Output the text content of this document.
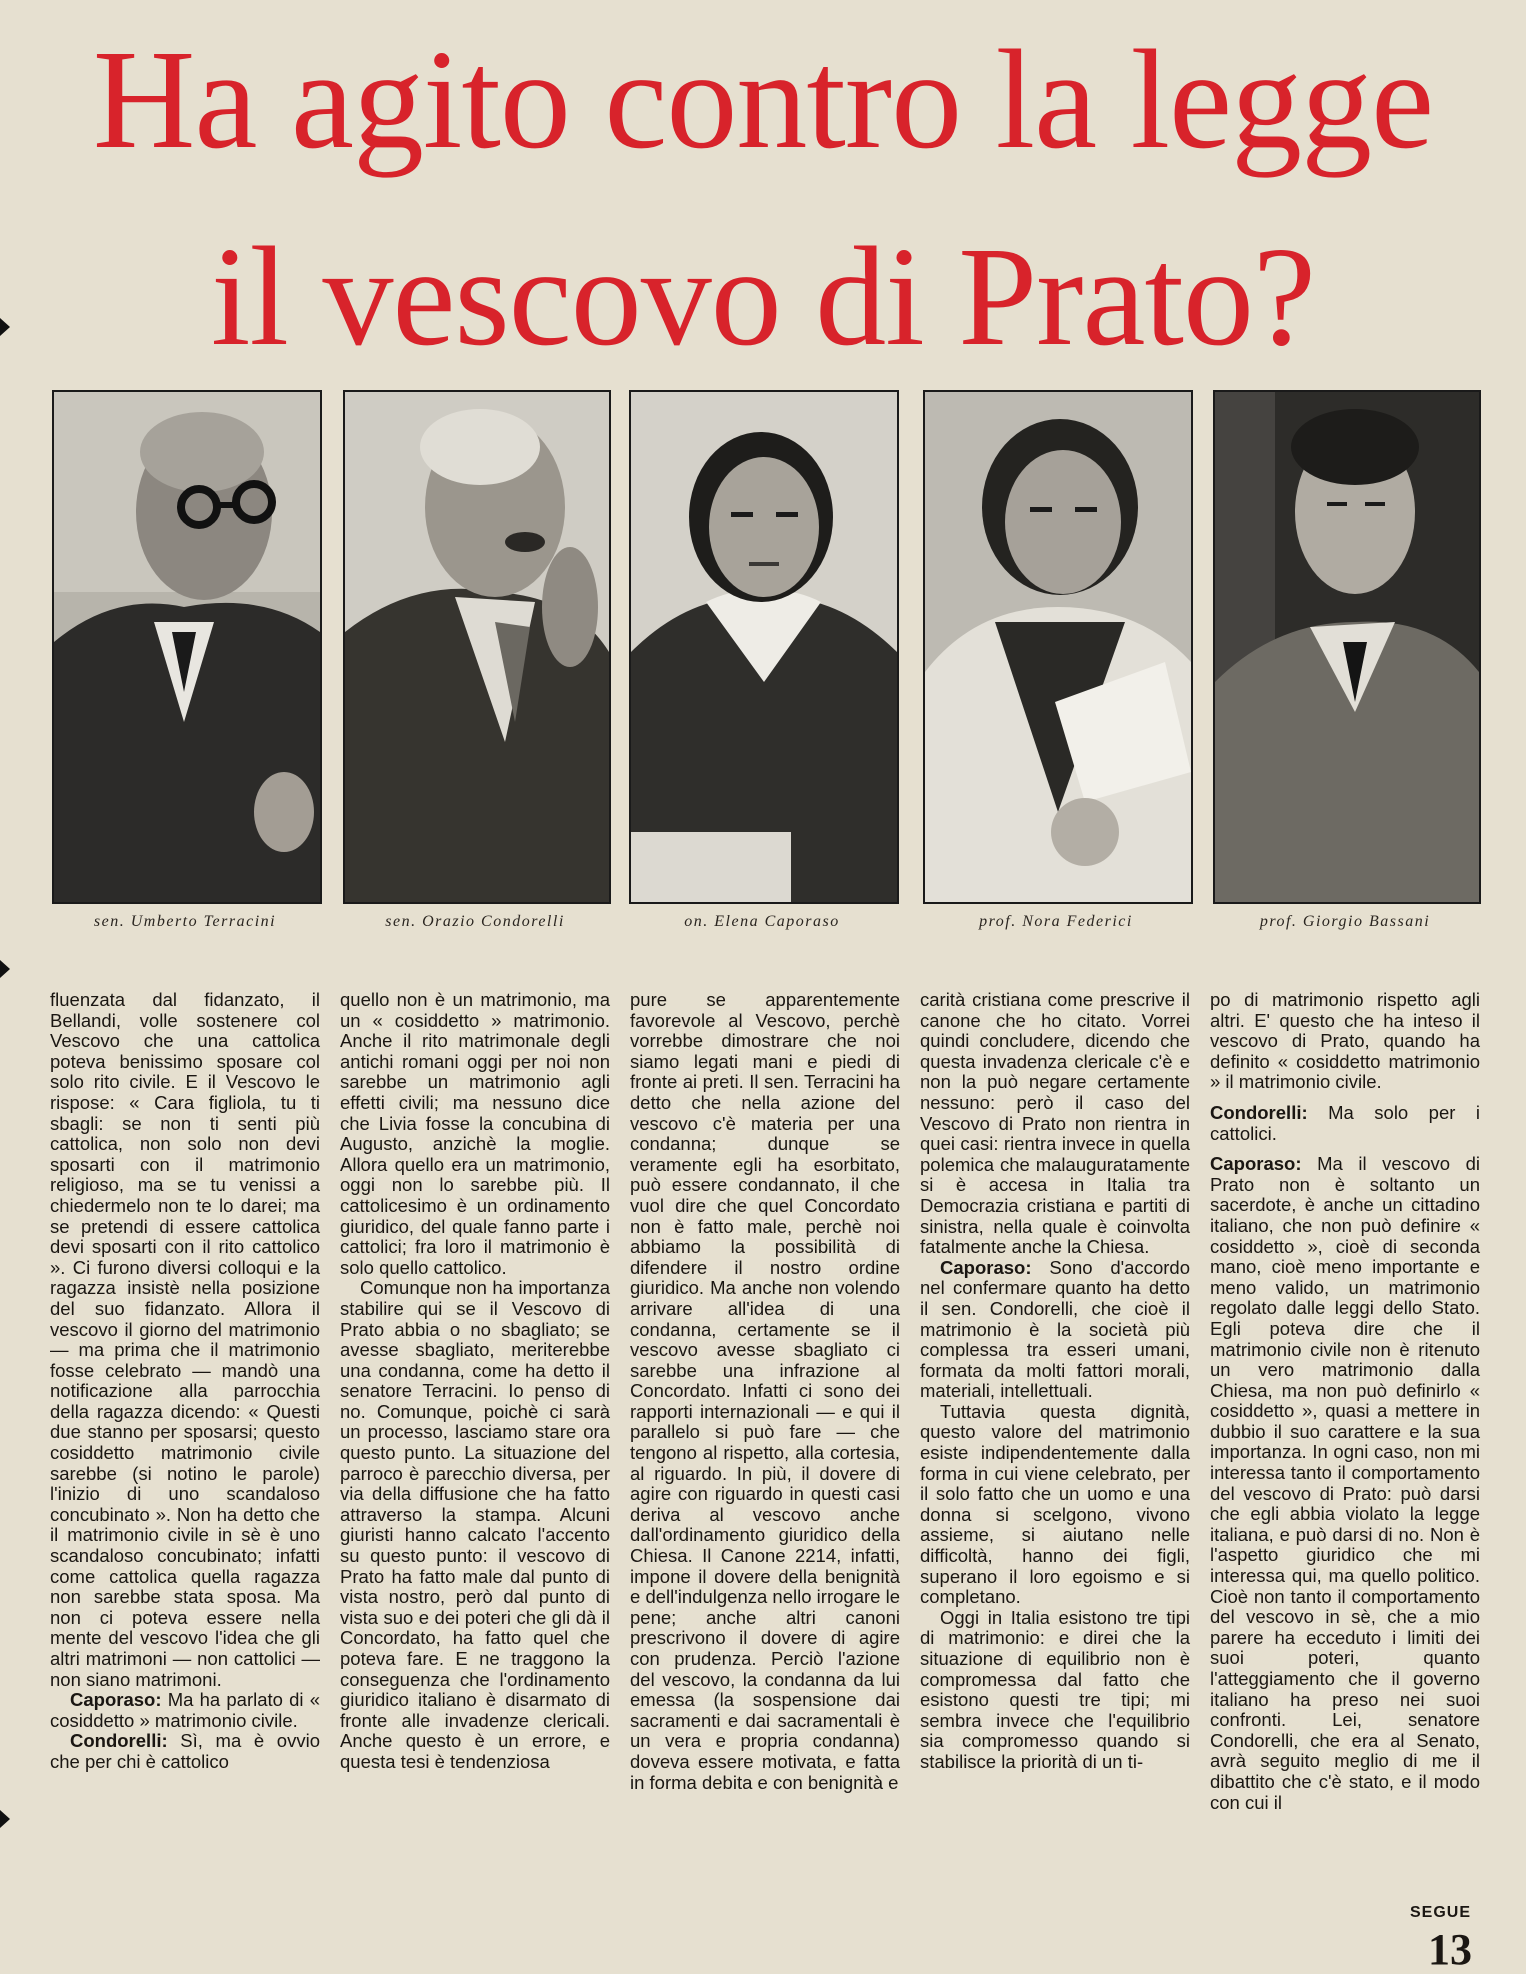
Ha agito contro la legge
il vescovo di Prato?
sen. Umberto Terracini	sen. Orazio Condorelli	on. Elena Caporaso	prof. Nora Federici	prof. Giorgio Bassani

fluenzata dal fidanzato, il Bellandi, volle sostenere col Vescovo che una cattolica poteva benissimo sposare col solo rito civile. E il Vescovo le rispose: « Cara figliola, tu ti sbagli: se non ti senti più cattolica, non solo non devi sposarti con il matrimonio religioso, ma se tu venissi a chiedermelo non te lo darei; ma se pretendi di essere cattolica devi sposarti con il rito cattolico ». Ci furono diversi colloqui e la ragazza insistè nella posizione del suo fidanzato. Allora il vescovo il giorno del matrimonio — ma prima che il matrimonio fosse celebrato — mandò una notificazione alla parrocchia della ragazza dicendo: « Questi due stanno per sposarsi; questo cosiddetto matrimonio civile sarebbe (si notino le parole) l'inizio di uno scandaloso concubinato ». Non ha detto che il matrimonio civile in sè è uno scandaloso concubinato; infatti come cattolica quella ragazza non sarebbe stata sposa. Ma non ci poteva essere nella mente del vescovo l'idea che gli altri matrimoni — non cattolici — non siano matrimoni.

Caporaso: Ma ha parlato di « cosiddetto » matrimonio civile.

Condorelli: Sì, ma è ovvio che per chi è cattolico

quello non è un matrimonio, ma un « cosiddetto » matrimonio. Anche il rito matrimonale degli antichi romani oggi per noi non sarebbe un matrimonio agli effetti civili; ma nessuno dice che Livia fosse la concubina di Augusto, anzichè la moglie. Allora quello era un matrimonio, oggi non lo sarebbe più. Il cattolicesimo è un ordinamento giuridico, del quale fanno parte i cattolici; fra loro il matrimonio è solo quello cattolico.

Comunque non ha importanza stabilire qui se il Vescovo di Prato abbia o no sbagliato; se avesse sbagliato, meriterebbe una condanna, come ha detto il senatore Terracini. Io penso di no. Comunque, poichè ci sarà un processo, lasciamo stare ora questo punto. La situazione del parroco è parecchio diversa, per via della diffusione che ha fatto attraverso la stampa. Alcuni giuristi hanno calcato l'accento su questo punto: il vescovo di Prato ha fatto male dal punto di vista nostro, però dal punto di vista suo e dei poteri che gli dà il Concordato, ha fatto quel che poteva fare. E ne traggono la conseguenza che l'ordinamento giuridico italiano è disarmato di fronte alle invadenze clericali. Anche questo è un errore, e questa tesi è tendenziosa

pure se apparentemente favorevole al Vescovo, perchè vorrebbe dimostrare che noi siamo legati mani e piedi di fronte ai preti. Il sen. Terracini ha detto che nella azione del vescovo c'è materia per una condanna; dunque se veramente egli ha esorbitato, può essere condannato, il che vuol dire che quel Concordato non è fatto male, perchè noi abbiamo la possibilità di difendere il nostro ordine giuridico. Ma anche non volendo arrivare all'idea di una condanna, certamente se il vescovo avesse sbagliato ci sarebbe una infrazione al Concordato. Infatti ci sono dei rapporti internazionali — e qui il parallelo si può fare — che tengono al rispetto, alla cortesia, al riguardo. In più, il dovere di agire con riguardo in questi casi deriva al vescovo anche dall'ordinamento giuridico della Chiesa. Il Canone 2214, infatti, impone il dovere della benignità e dell'indulgenza nello irrogare le pene; anche altri canoni prescrivono il dovere di agire con prudenza. Perciò l'azione del vescovo, la condanna da lui emessa (la sospensione dai sacramenti e dai sacramentali è un vera e propria condanna) doveva essere motivata, e fatta in forma debita e con benignità e

carità cristiana come prescrive il canone che ho citato. Vorrei quindi concludere, dicendo che questa invadenza clericale c'è e non la può negare certamente nessuno: però il caso del Vescovo di Prato non rientra in quei casi: rientra invece in quella polemica che malauguratamente si è accesa in Italia tra Democrazia cristiana e partiti di sinistra, nella quale è coinvolta fatalmente anche la Chiesa.

Caporaso: Sono d'accordo nel confermare quanto ha detto il sen. Condorelli, che cioè il matrimonio è la società più complessa tra esseri umani, formata da molti fattori morali, materiali, intellettuali.

Tuttavia questa dignità, questo valore del matrimonio esiste indipendentemente dalla forma in cui viene celebrato, per il solo fatto che un uomo e una donna si scelgono, vivono assieme, si aiutano nelle difficoltà, hanno dei figli, superano il loro egoismo e si completano.

Oggi in Italia esistono tre tipi di matrimonio: e direi che la situazione di equilibrio non è compromessa dal fatto che esistono questi tre tipi; mi sembra invece che l'equilibrio sia compromesso quando si stabilisce la priorità di un ti-

po di matrimonio rispetto agli altri. E' questo che ha inteso il vescovo di Prato, quando ha definito « cosiddetto matrimonio » il matrimonio civile.

Condorelli: Ma solo per i cattolici.

Caporaso: Ma il vescovo di Prato non è soltanto un sacerdote, è anche un cittadino italiano, che non può definire « cosiddetto », cioè di seconda mano, cioè meno importante e meno valido, un matrimonio regolato dalle leggi dello Stato. Egli poteva dire che il matrimonio civile non è ritenuto un vero matrimonio dalla Chiesa, ma non può definirlo « cosiddetto », quasi a mettere in dubbio il suo carattere e la sua importanza. In ogni caso, non mi interessa tanto il comportamento del vescovo di Prato: può darsi che egli abbia violato la legge italiana, e può darsi di no. Non è l'aspetto giuridico che mi interessa qui, ma quello politico. Cioè non tanto il comportamento del vescovo in sè, che a mio parere ha ecceduto i limiti dei suoi poteri, quanto l'atteggiamento che il governo italiano ha preso nei suoi confronti. Lei, senatore Condorelli, che era al Senato, avrà seguito meglio di me il dibattito che c'è stato, e il modo con cui il

SEGUE
13
